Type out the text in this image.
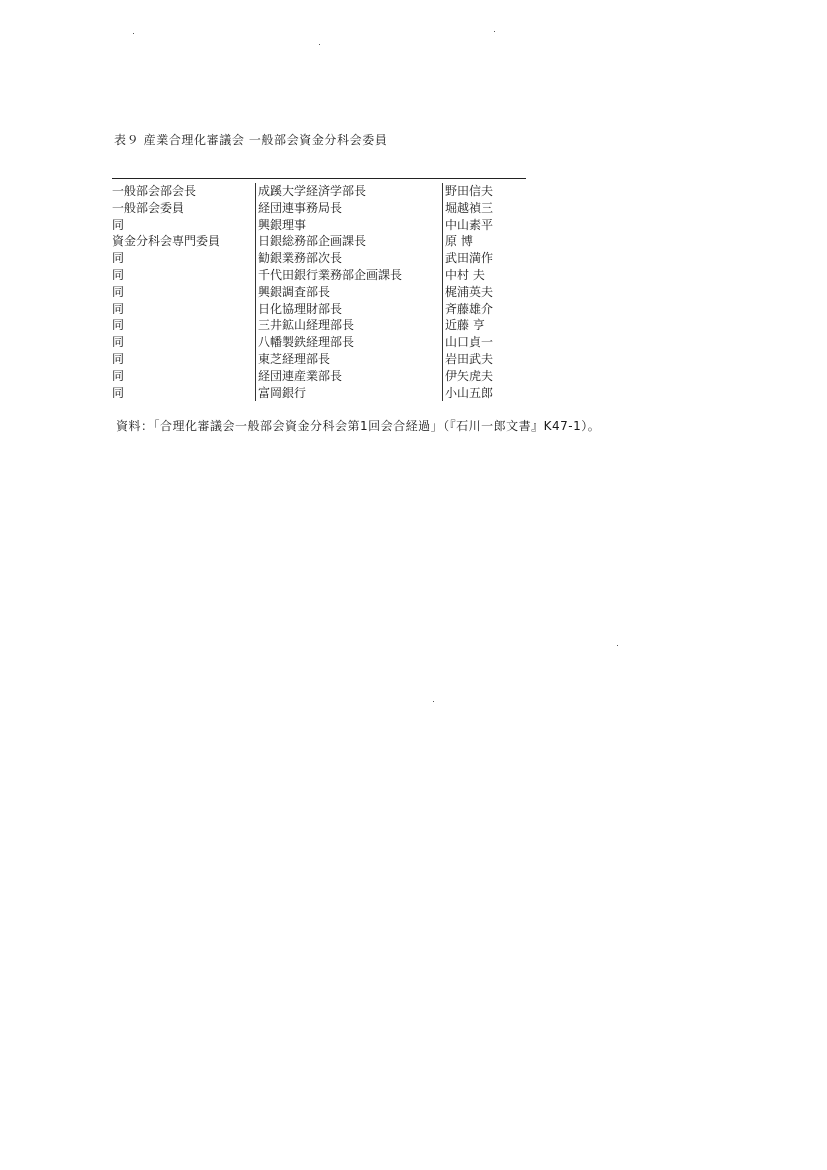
表９ 産業合理化審議会 一般部会資金分科会委員
一般部会部会長	成蹊大学経済学部長	野田信夫
一般部会委員	経団連事務局長	堀越禎三
同	興銀理事	中山素平
資金分科会専門委員	日銀総務部企画課長	原 博
同	勧銀業務部次長	武田満作
同	千代田銀行業務部企画課長	中村 夫
同	興銀調査部長	梶浦英夫
同	日化協理財部長	斉藤雄介
同	三井鉱山経理部長	近藤 亨
同	八幡製鉄経理部長	山口貞一
同	東芝経理部長	岩田武夫
同	経団連産業部長	伊矢虎夫
同	富岡銀行	小山五郎
資料：「合理化審議会一般部会資金分科会第1回会合経過」（『石川一郎文書』K47-1）。
